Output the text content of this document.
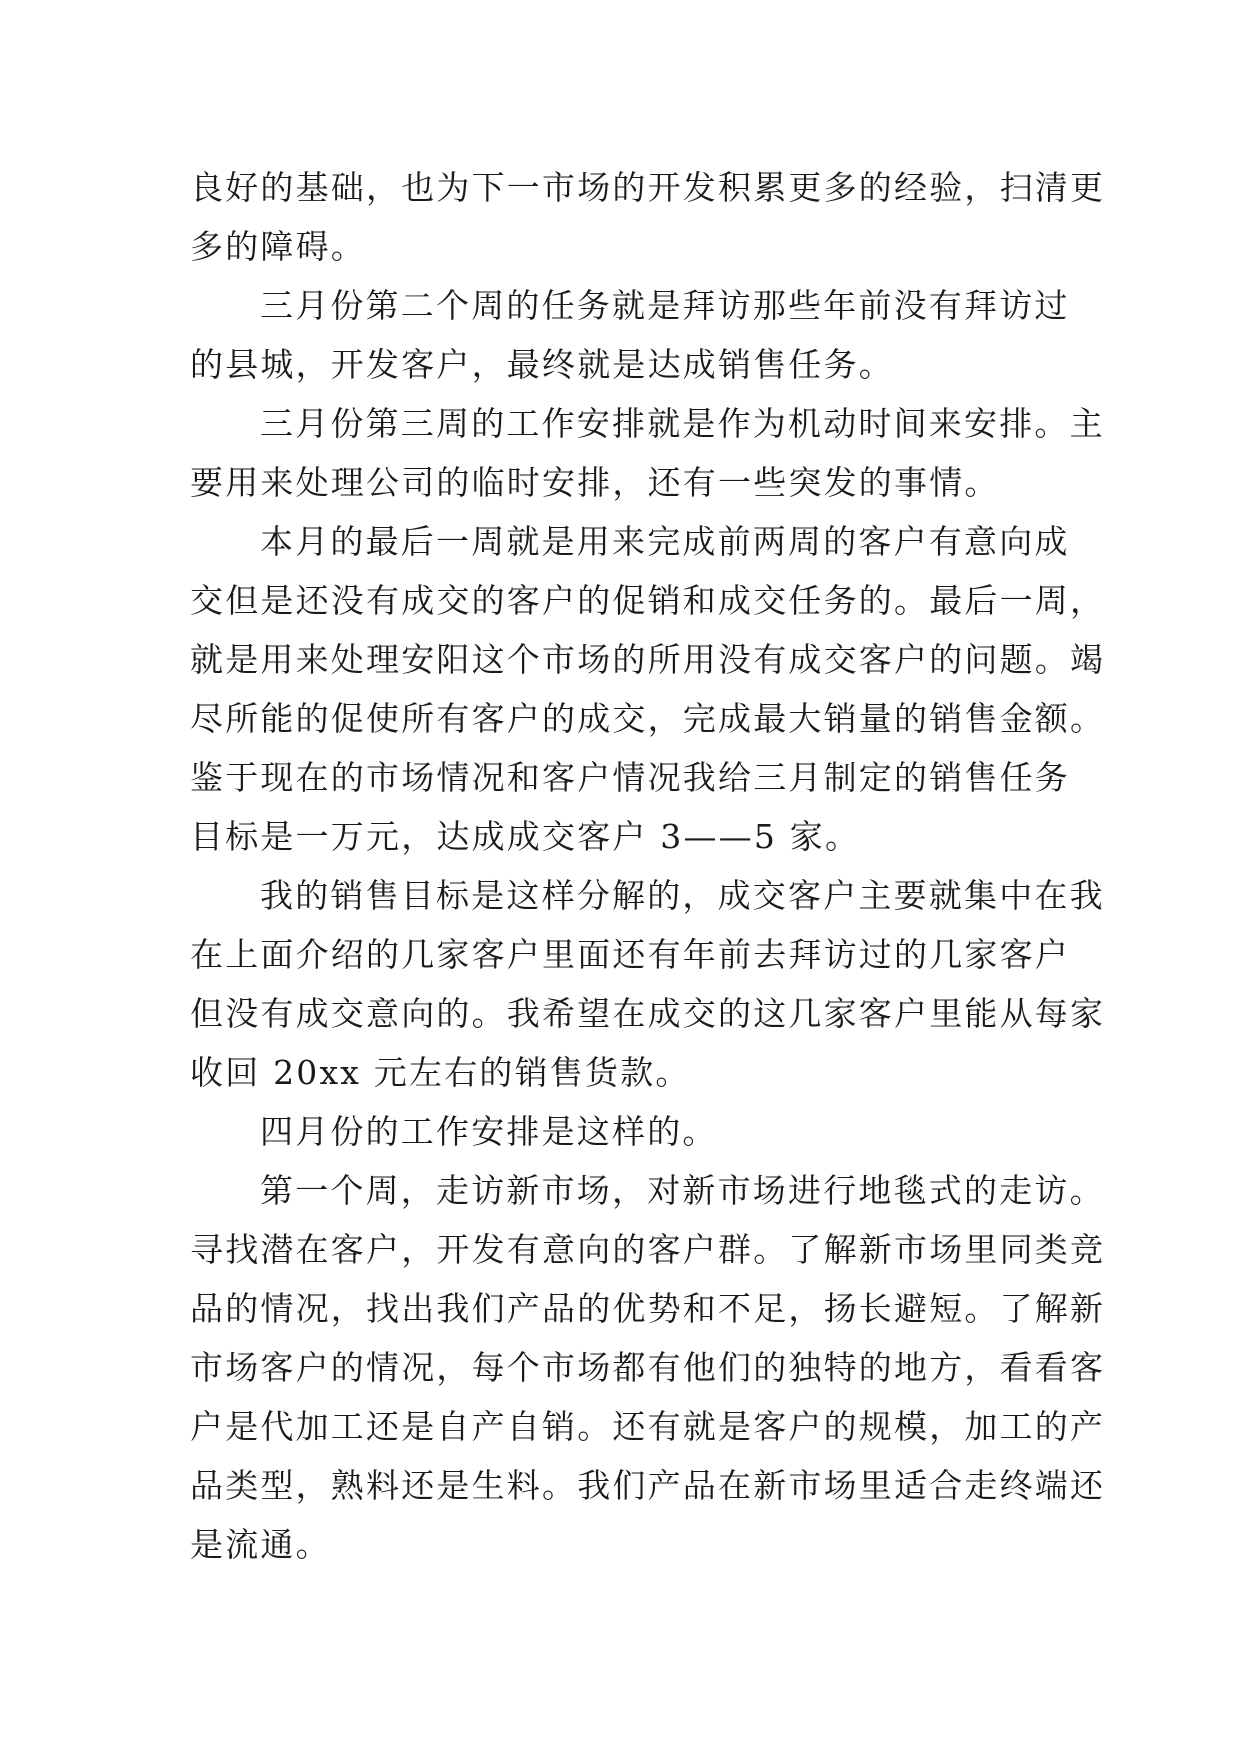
良好的基础，也为下一市场的开发积累更多的经验，扫清更
多的障碍。
三月份第二个周的任务就是拜访那些年前没有拜访过
的县城，开发客户，最终就是达成销售任务。
三月份第三周的工作安排就是作为机动时间来安排。主
要用来处理公司的临时安排，还有一些突发的事情。
本月的最后一周就是用来完成前两周的客户有意向成
交但是还没有成交的客户的促销和成交任务的。最后一周，
就是用来处理安阳这个市场的所用没有成交客户的问题。竭
尽所能的促使所有客户的成交，完成最大销量的销售金额。
鉴于现在的市场情况和客户情况我给三月制定的销售任务
目标是一万元，达成成交客户 3——5 家。
我的销售目标是这样分解的，成交客户主要就集中在我
在上面介绍的几家客户里面还有年前去拜访过的几家客户
但没有成交意向的。我希望在成交的这几家客户里能从每家
收回 20xx 元左右的销售货款。
四月份的工作安排是这样的。
第一个周，走访新市场，对新市场进行地毯式的走访。
寻找潜在客户，开发有意向的客户群。了解新市场里同类竞
品的情况，找出我们产品的优势和不足，扬长避短。了解新
市场客户的情况，每个市场都有他们的独特的地方，看看客
户是代加工还是自产自销。还有就是客户的规模，加工的产
品类型，熟料还是生料。我们产品在新市场里适合走终端还
是流通。
